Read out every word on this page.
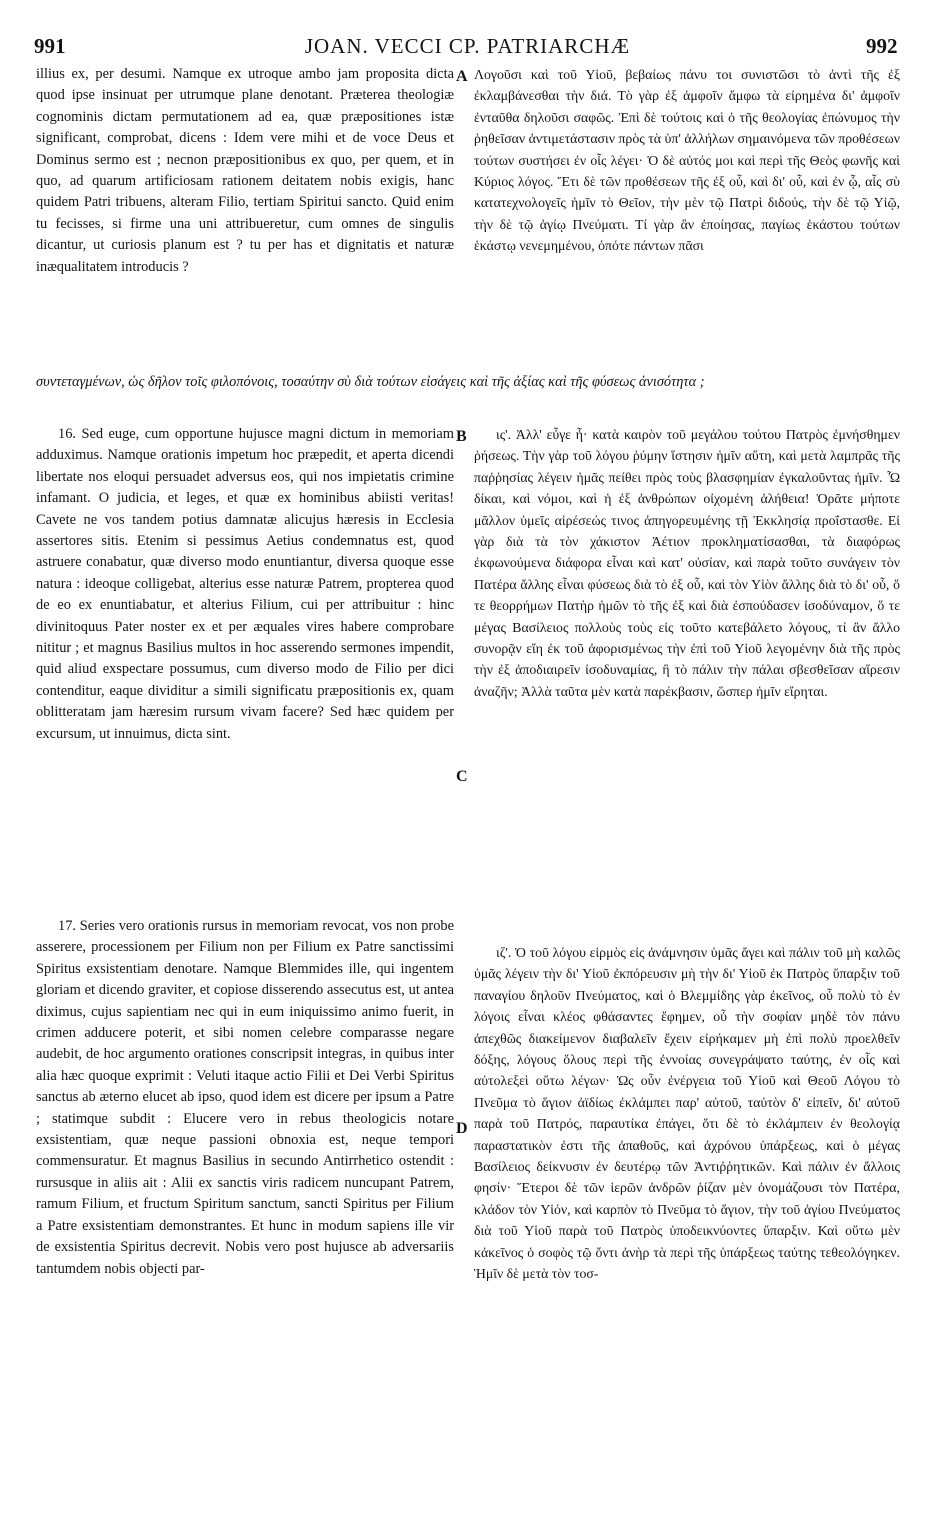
991	JOAN. VECCI CP. PATRIARCHÆ	992

illius ex, per desumi. Namque ex utroque ambo jam proposita dicta quod ipse insinuat per utrumque plane denotant. Præterea theologiæ cognominis dictam permutationem ad ea, quæ præpositiones istæ significant, comprobat, dicens : Idem vere mihi et de voce Deus et Dominus sermo est ; necnon præpositionibus ex quo, per quem, et in quo, ad quarum artificiosam rationem deitatem nobis exigis, hanc quidem Patri tribuens, alteram Filio, tertiam Spiritui sancto. Quid enim tu fecisses, si firme una uni attribueretur, cum omnes de singulis dicantur, ut curiosis planum est ? tu per has et dignitatis et naturæ inæqualitatem introducis ?

A Λογοῦσι καὶ τοῦ Υἱοῦ, βεβαίως πάνυ τοι συνιστῶσι τὸ ἀντὶ τῆς ἐξ ἐκλαμβάνεσθαι τὴν διά. Τὸ γὰρ ἐξ ἀμφοῖν ἄμφω τὰ εἰρημένα δι' ἀμφοῖν ἐνταῦθα δηλοῦσι σαφῶς. Ἐπὶ δὲ τούτοις καὶ ὁ τῆς θεολογίας ἐπώνυμος τὴν ῥηθεῖσαν ἀντιμετάστασιν πρὸς τὰ ὑπ' ἀλλήλων σημαινόμενα τῶν προθέσεων τούτων συστήσει ἐν οἷς λέγει· Ὁ δὲ αὐτός μοι καὶ περὶ τῆς Θεὸς φωνῆς καὶ Κύριος λόγος. Ἔτι δὲ τῶν προθέσεων τῆς ἐξ οὗ, καὶ δι' οὗ, καὶ ἐν ᾧ, αἷς σὺ κατατεχνολογεῖς ἡμῖν τὸ Θεῖον, τὴν μὲν τῷ Πατρὶ διδούς, τὴν δὲ τῷ Υἱῷ, τὴν δὲ τῷ ἁγίῳ Πνεύματι. Τί γὰρ ἂν ἐποίησας, παγίως ἑκάστου τούτων ἑκάστῳ νενεμημένου, ὁπότε πάντων πᾶσι

συντεταγμένων, ὡς δῆλον τοῖς φιλοπόνοις, τοσαύτην σὺ διὰ τούτων εἰσάγεις καὶ τῆς ἀξίας καὶ τῆς φύσεως ἀνισότητα ;

16. Sed euge, cum opportune hujusce magni dictum in memoriam adduximus. Namque orationis impetum hoc præpedit, et aperta dicendi libertate nos eloqui persuadet adversus eos, qui nos impietatis crimine infamant. O judicia, et leges, et quæ ex hominibus abiisti veritas! Cavete ne vos tandem potius damnatæ alicujus hæresis in Ecclesia assertores sitis. Etenim si pessimus Aetius condemnatus est, quod astruere conabatur, quæ diverso modo enuntiantur, diversa quoque esse natura : ideoque colligebat, alterius esse naturæ Patrem, propterea quod de eo ex enuntiabatur, et alterius Filium, cui per attribuitur : hinc divinitoquus Pater noster ex et per æquales vires habere comprobare nititur ; et magnus Basilius multos in hoc asserendo sermones impendit, quid aliud exspectare possumus, cum diverso modo de Filio per dici contenditur, eaque dividitur a simili significatu præpositionis ex, quam oblitteratam jam hæresim rursum vivam facere? Sed hæc quidem per excursum, ut innuimus, dicta sint.

B
C

ις'. Ἀλλ' εὖγε ἦ· κατὰ καιρὸν τοῦ μεγάλου τούτου Πατρὸς ἐμνήσθημεν ῥήσεως. Τὴν γὰρ τοῦ λόγου ῥύμην ἵστησιν ἡμῖν αὕτη, καὶ μετὰ λαμπρᾶς τῆς παῤῥησίας λέγειν ἡμᾶς πείθει πρὸς τοὺς βλασφημίαν ἐγκαλοῦντας ἡμῖν. Ὦ δίκαι, καὶ νόμοι, καὶ ἡ ἐξ ἀνθρώπων οἰχομένη ἀλήθεια! Ὁρᾶτε μήποτε μᾶλλον ὑμεῖς αἱρέσεώς τινος ἀπηγορευμένης τῇ Ἐκκλησίᾳ προΐστασθε. Εἰ γὰρ διὰ τὰ τὸν χάκιστον Ἀέτιον προκληματίσασθαι, τὰ διαφόρως ἐκφωνούμενα διάφορα εἶναι καὶ κατ' οὐσίαν, καὶ παρὰ τοῦτο συνάγειν τὸν Πατέρα ἄλλης εἶναι φύσεως διὰ τὸ ἐξ οὗ, καὶ τὸν Υἱὸν ἄλλης διὰ τὸ δι' οὗ, ὅ τε θεορρήμων Πατὴρ ἡμῶν τὸ τῆς ἐξ καὶ διὰ ἐσπούδασεν ἰσοδύναμον, ὅ τε μέγας Βασίλειος πολλοὺς τοὺς εἰς τοῦτο κατεβάλετο λόγους, τί ἂν ἄλλο συνορᾷν εἴη ἐκ τοῦ ἀφορισμένως τὴν ἐπὶ τοῦ Υἱοῦ λεγομένην διὰ τῆς πρὸς τὴν ἐξ ἀποδιαιρεῖν ἰσοδυναμίας, ἢ τὸ πάλιν τὴν πάλαι σβεσθεῖσαν αἵρεσιν ἀναζῆν; Ἀλλὰ ταῦτα μὲν κατὰ παρέκβασιν, ὥσπερ ἡμῖν εἴρηται.

17. Series vero orationis rursus in memoriam revocat, vos non probe asserere, processionem per Filium non per Filium ex Patre sanctissimi Spiritus exsistentiam denotare. Namque Blemmides ille, qui ingentem gloriam et dicendo graviter, et copiose disserendo assecutus est, ut antea diximus, cujus sapientiam nec qui in eum iniquissimo animo fuerit, in crimen adducere poterit, et sibi nomen celebre comparasse negare audebit, de hoc argumento orationes conscripsit integras, in quibus inter alia hæc quoque exprimit : Veluti itaque actio Filii et Dei Verbi Spiritus sanctus ab æterno elucet ab ipso, quod idem est dicere per ipsum a Patre ; statimque subdit : Elucere vero in rebus theologicis notare exsistentiam, quæ neque passioni obnoxia est, neque tempori commensuratur. Et magnus Basilius in secundo Antirrhetico ostendit : rursusque in aliis ait : Alii ex sanctis viris radicem nuncupant Patrem, ramum Filium, et fructum Spiritum sanctum, sancti Spiritus per Filium a Patre exsistentiam demonstrantes. Et hunc in modum sapiens ille vir de exsistentia Spiritus decrevit. Nobis vero post hujusce ab adversariis tantumdem nobis objecti par-

D

ιζ'. Ὁ τοῦ λόγου εἱρμὸς εἰς ἀνάμνησιν ὑμᾶς ἄγει καὶ πάλιν τοῦ μὴ καλῶς ὑμᾶς λέγειν τὴν δι' Υἱοῦ ἐκπόρευσιν μὴ τὴν δι' Υἱοῦ ἐκ Πατρὸς ὕπαρξιν τοῦ παναγίου δηλοῦν Πνεύματος, καὶ ὁ Βλεμμίδης γὰρ ἐκεῖνος, οὗ πολὺ τὸ ἐν λόγοις εἶναι κλέος φθάσαντες ἔφημεν, οὗ τὴν σοφίαν μηδὲ τὸν πάνυ ἀπεχθῶς διακείμενον διαβαλεῖν ἔχειν εἰρήκαμεν μὴ ἐπὶ πολὺ προελθεῖν δόξης, λόγους ὅλους περὶ τῆς ἐννοίας συνεγράψατο ταύτης, ἐν οἷς καὶ αὐτολεξεὶ οὕτω λέγων· Ὡς οὖν ἐνέργεια τοῦ Υἱοῦ καὶ Θεοῦ Λόγου τὸ Πνεῦμα τὸ ἅγιον ἀϊδίως ἐκλάμπει παρ' αὐτοῦ, ταὐτὸν δ' εἰπεῖν, δι' αὐτοῦ παρὰ τοῦ Πατρός, παραυτίκα ἐπάγει, ὅτι δὲ τὸ ἐκλάμπειν ἐν θεολογίᾳ παραστατικὸν ἐστι τῆς ἀπαθοῦς, καὶ ἀχρόνου ὑπάρξεως, καὶ ὁ μέγας Βασίλειος δείκνυσιν ἐν δευτέρῳ τῶν Ἀντιῤῥητικῶν. Καὶ πάλιν ἐν ἄλλοις φησίν· Ἕτεροι δὲ τῶν ἱερῶν ἀνδρῶν ῥίζαν μὲν ὀνομάζουσι τὸν Πατέρα, κλάδον τὸν Υἱόν, καὶ καρπὸν τὸ Πνεῦμα τὸ ἅγιον, τὴν τοῦ ἁγίου Πνεύματος διὰ τοῦ Υἱοῦ παρὰ τοῦ Πατρὸς ὑποδεικνύοντες ὕπαρξιν. Καὶ οὕτω μὲν κἀκεῖνος ὁ σοφὸς τῷ ὄντι ἀνὴρ τὰ περὶ τῆς ὑπάρξεως ταύτης τεθεολόγηκεν. Ἡμῖν δὲ μετὰ τὸν τοσ-
